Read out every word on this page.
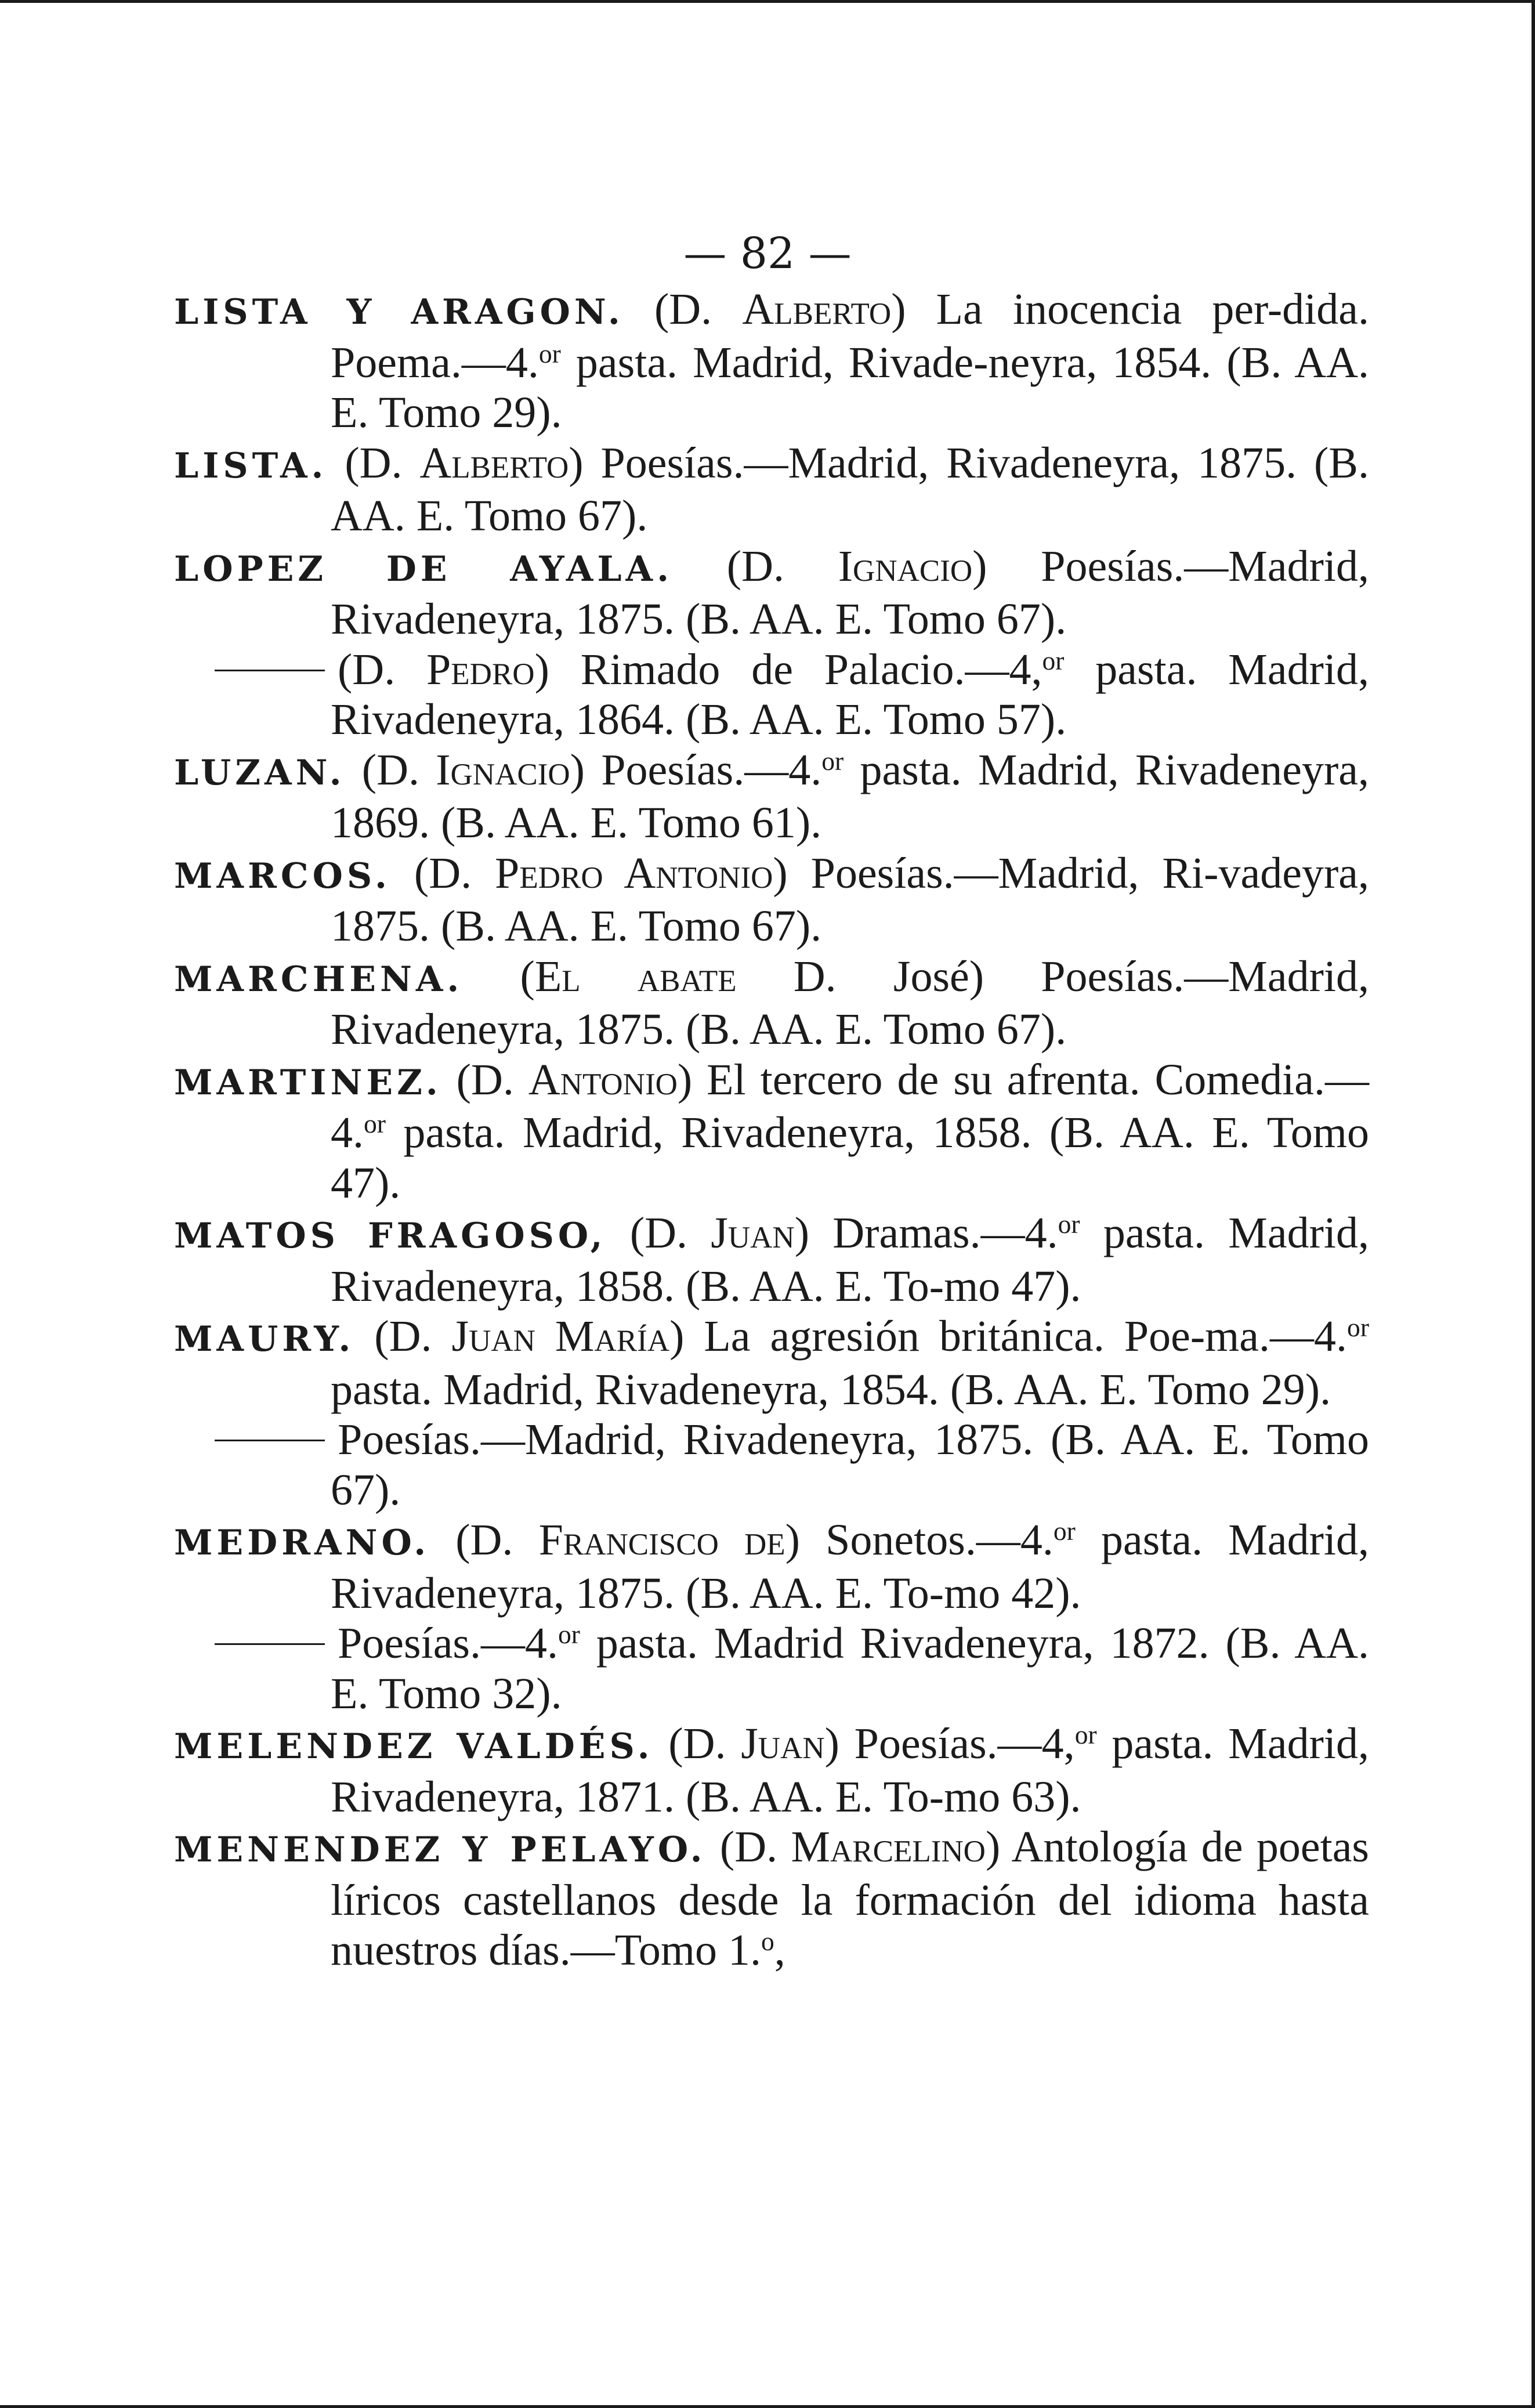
— 82 —

LISTA Y ARAGON. (D. Alberto) La inocencia per-dida. Poema.—4.$^{or}$ pasta. Madrid, Rivade-neyra, 1854. (B. AA. E. Tomo 29).

LISTA. (D. Alberto) Poesías.—Madrid, Rivadeneyra, 1875. (B. AA. E. Tomo 67).

LOPEZ DE AYALA. (D. Ignacio) Poesías.—Madrid, Rivadeneyra, 1875. (B. AA. E. Tomo 67).

(D. Pedro) Rimado de Palacio.—4,$^{or}$ pasta. Madrid, Rivadeneyra, 1864. (B. AA. E. Tomo 57).

LUZAN. (D. Ignacio) Poesías.—4.$^{or}$ pasta. Madrid, Rivadeneyra, 1869. (B. AA. E. Tomo 61).

MARCOS. (D. Pedro Antonio) Poesías.—Madrid, Ri-vadeyra, 1875. (B. AA. E. Tomo 67).

MARCHENA. (El abate D. José) Poesías.—Madrid, Rivadeneyra, 1875. (B. AA. E. Tomo 67).

MARTINEZ. (D. Antonio) El tercero de su afrenta. Comedia.—4.$^{or}$ pasta. Madrid, Rivadeneyra, 1858. (B. AA. E. Tomo 47).

MATOS FRAGOSO, (D. Juan) Dramas.—4.$^{or}$ pasta. Madrid, Rivadeneyra, 1858. (B. AA. E. To-mo 47).

MAURY. (D. Juan María) La agresión británica. Poe-ma.—4.$^{or}$ pasta. Madrid, Rivadeneyra, 1854. (B. AA. E. Tomo 29).

Poesías.—Madrid, Rivadeneyra, 1875. (B. AA. E. Tomo 67).

MEDRANO. (D. Francisco de) Sonetos.—4.$^{or}$ pasta. Madrid, Rivadeneyra, 1875. (B. AA. E. To-mo 42).

Poesías.—4.$^{or}$ pasta. Madrid Rivadeneyra, 1872. (B. AA. E. Tomo 32).

MELENDEZ VALDÉS. (D. Juan) Poesías.—4,$^{or}$ pasta. Madrid, Rivadeneyra, 1871. (B. AA. E. To-mo 63).

MENENDEZ Y PELAYO. (D. Marcelino) Antología de poetas líricos castellanos desde la formación del idioma hasta nuestros días.—Tomo 1.$^o$,
